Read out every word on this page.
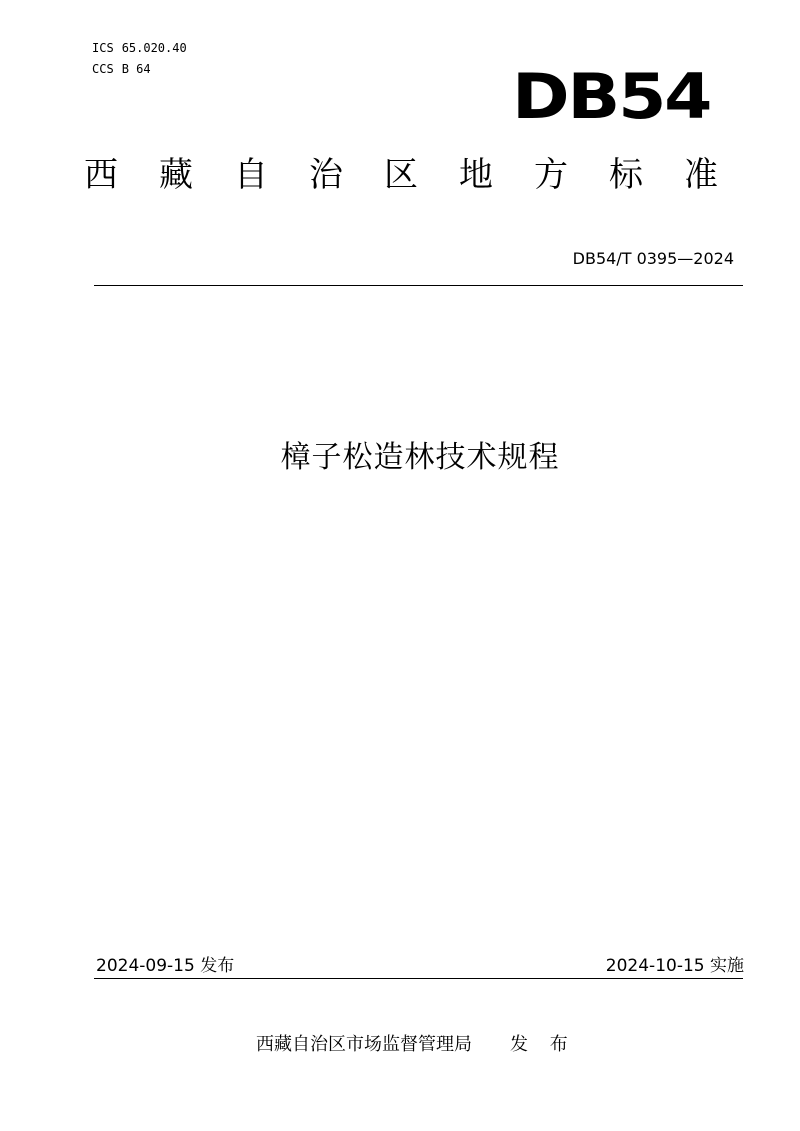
ICS 65.020.40
CCS B 64	DB54
西 藏 自 治 区 地 方 标 准
DB54/T 0395—2024
樟子松造林技术规程
2024-09-15 发布	2024-10-15 实施
西藏自治区市场监督管理局 发 布
